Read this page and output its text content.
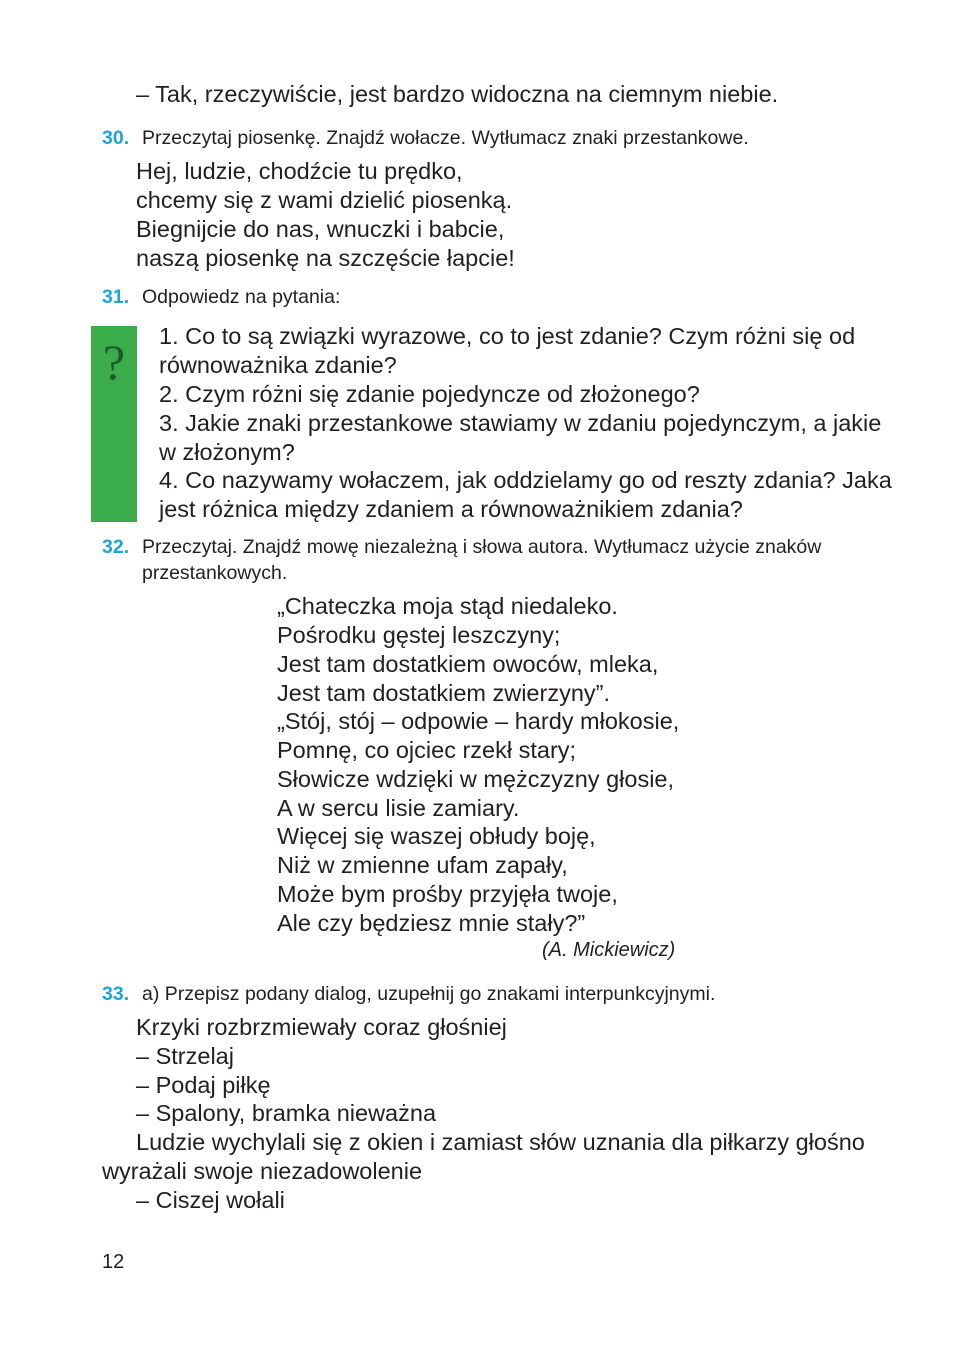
– Tak, rzeczywiście, jest bardzo widoczna na ciemnym niebie.
30. Przeczytaj piosenkę. Znajdź wołacze. Wytłumacz znaki przestankowe.
Hej, ludzie, chodźcie tu prędko,
chcemy się z wami dzielić piosenką.
Biegnijcie do nas, wnuczki i babcie,
naszą piosenkę na szczęście łapcie!
31. Odpowiedz na pytania:
?	1. Co to są związki wyrazowe, co to jest zdanie? Czym różni się od
równoważnika zdanie?
2. Czym różni się zdanie pojedyncze od złożonego?
3. Jakie znaki przestankowe stawiamy w zdaniu pojedynczym, a jakie
w złożonym?
4. Co nazywamy wołaczem, jak oddzielamy go od reszty zdania? Jaka
jest różnica między zdaniem a równoważnikiem zdania?
32. Przeczytaj. Znajdź mowę niezależną i słowa autora. Wytłumacz użycie znaków
przestankowych.
„Chateczka moja stąd niedaleko.
Pośrodku gęstej leszczyny;
Jest tam dostatkiem owoców, mleka,
Jest tam dostatkiem zwierzyny”.
„Stój, stój – odpowie – hardy młokosie,
Pomnę, co ojciec rzekł stary;
Słowicze wdzięki w mężczyzny głosie,
A w sercu lisie zamiary.
Więcej się waszej obłudy boję,
Niż w zmienne ufam zapały,
Może bym prośby przyjęła twoje,
Ale czy będziesz mnie stały?”
(A. Mickiewicz)
33. a) Przepisz podany dialog, uzupełnij go znakami interpunkcyjnymi.
Krzyki rozbrzmiewały coraz głośniej
– Strzelaj
– Podaj piłkę
– Spalony, bramka nieważna
Ludzie wychylali się z okien i zamiast słów uznania dla piłkarzy głośno
wyrażali swoje niezadowolenie
– Ciszej wołali
12
